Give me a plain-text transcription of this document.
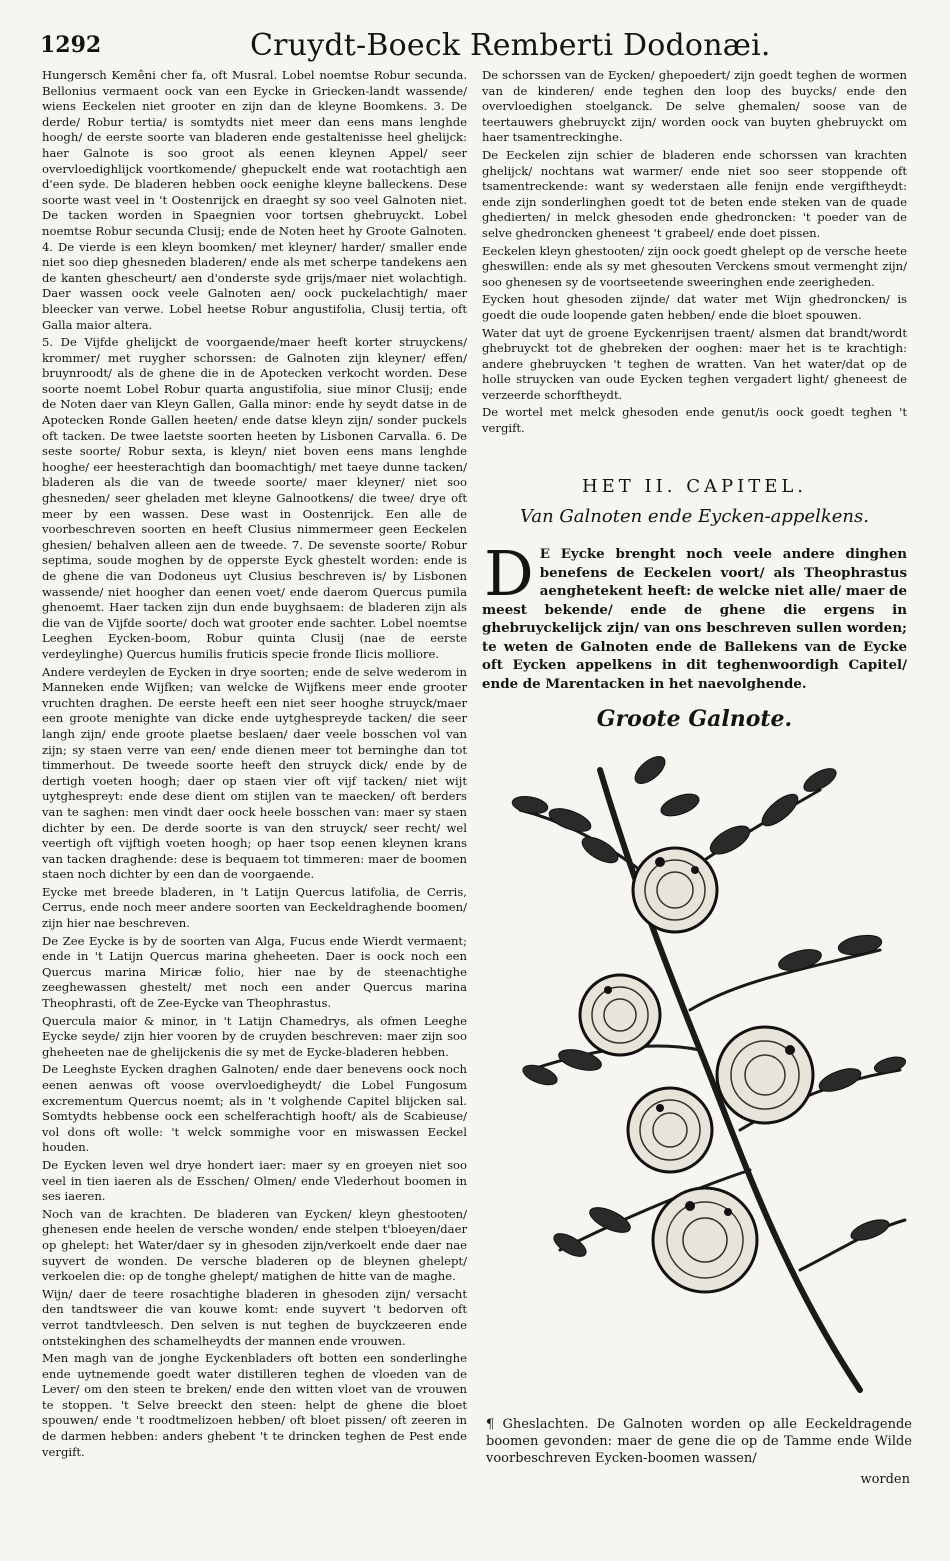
1292	Cruydt-Boeck Remberti Dodonæi.

Hungersch Kemêni cher fa, oft Musral. Lobel noemtse Robur secunda. Bellonius vermaent oock van een Eycke in Griecken-landt wassende/ wiens Eeckelen niet grooter en zijn dan de kleyne Boomkens. 3. De derde/ Robur tertia/ is somtydts niet meer dan eens mans lenghde hoogh/ de eerste soorte van bladeren ende gestaltenisse heel ghelijck: haer Galnote is soo groot als eenen kleynen Appel/ seer overvloedighlijck voortkomende/ ghepuckelt ende wat rootachtigh aen d'een syde. De bladeren hebben oock eenighe kleyne balleckens. Dese soorte wast veel in 't Oostenrijck en draeght sy soo veel Galnoten niet. De tacken worden in Spaegnien voor tortsen ghebruyckt. Lobel noemtse Robur secunda Clusij; ende de Noten heet hy Groote Galnoten. 4. De vierde is een kleyn boomken/ met kleyner/ harder/ smaller ende niet soo diep ghesneden bladeren/ ende als met scherpe tandekens aen de kanten ghescheurt/ aen d'onderste syde grijs/maer niet wolachtigh. Daer wassen oock veele Galnoten aen/ oock puckelachtigh/ maer bleecker van verwe. Lobel heetse Robur angustifolia, Clusij tertia, oft Galla maior altera.

5. De Vijfde ghelijckt de voorgaende/maer heeft korter struyckens/ krommer/ met ruygher schorssen: de Galnoten zijn kleyner/ effen/ bruynroodt/ als de ghene die in de Apotecken verkocht worden. Dese soorte noemt Lobel Robur quarta angustifolia, siue minor Clusij; ende de Noten daer van Kleyn Gallen, Galla minor: ende hy seydt datse in de Apotecken Ronde Gallen heeten/ ende datse kleyn zijn/ sonder puckels oft tacken. De twee laetste soorten heeten by Lisbonen Carvalla. 6. De seste soorte/ Robur sexta, is kleyn/ niet boven eens mans lenghde hooghe/ eer heesterachtigh dan boomachtigh/ met taeye dunne tacken/ bladeren als die van de tweede soorte/ maer kleyner/ niet soo ghesneden/ seer gheladen met kleyne Galnootkens/ die twee/ drye oft meer by een wassen. Dese wast in Oostenrijck. Een alle de voorbeschreven soorten en heeft Clusius nimmermeer geen Eeckelen ghesien/ behalven alleen aen de tweede. 7. De sevenste soorte/ Robur septima, soude moghen by de opperste Eyck ghestelt worden: ende is de ghene die van Dodoneus uyt Clusius beschreven is/ by Lisbonen wassende/ niet hoogher dan eenen voet/ ende daerom Quercus pumila ghenoemt. Haer tacken zijn dun ende buyghsaem: de bladeren zijn als die van de Vijfde soorte/ doch wat grooter ende sachter. Lobel noemtse Leeghen Eycken-boom, Robur quinta Clusij (nae de eerste verdeylinghe) Quercus humilis fruticis specie fronde Ilicis molliore.

Andere verdeylen de Eycken in drye soorten; ende de selve wederom in Manneken ende Wijfken; van welcke de Wijfkens meer ende grooter vruchten draghen. De eerste heeft een niet seer hooghe struyck/maer een groote menighte van dicke ende uytghespreyde tacken/ die seer langh zijn/ ende groote plaetse beslaen/ daer veele bosschen vol van zijn; sy staen verre van een/ ende dienen meer tot berninghe dan tot timmerhout. De tweede soorte heeft den struyck dick/ ende by de dertigh voeten hoogh; daer op staen vier oft vijf tacken/ niet wijt uytghespreyt: ende dese dient om stijlen van te maecken/ oft berders van te saghen: men vindt daer oock heele bosschen van: maer sy staen dichter by een. De derde soorte is van den struyck/ seer recht/ wel veertigh oft vijftigh voeten hoogh; op haer tsop eenen kleynen krans van tacken draghende: dese is bequaem tot timmeren: maer de boomen staen noch dichter by een dan de voorgaende.

Eycke met breede bladeren, in 't Latijn Quercus latifolia, de Cerris, Cerrus, ende noch meer andere soorten van Eeckeldraghende boomen/ zijn hier nae beschreven.

De Zee Eycke is by de soorten van Alga, Fucus ende Wierdt vermaent; ende in 't Latijn Quercus marina gheheeten. Daer is oock noch een Quercus marina Miricæ folio, hier nae by de steenachtighe zeeghewassen ghestelt/ met noch een ander Quercus marina Theophrasti, oft de Zee-Eycke van Theophrastus.

Quercula maior & minor, in 't Latijn Chamedrys, als ofmen Leeghe Eycke seyde/ zijn hier vooren by de cruyden beschreven: maer zijn soo gheheeten nae de ghelijckenis die sy met de Eycke-bladeren hebben.

De Leeghste Eycken draghen Galnoten/ ende daer benevens oock noch eenen aenwas oft voose overvloedigheydt/ die Lobel Fungosum excrementum Quercus noemt; als in 't volghende Capitel blijcken sal. Somtydts hebbense oock een schelferachtigh hooft/ als de Scabieuse/ vol dons oft wolle: 't welck sommighe voor en miswassen Eeckel houden.

De Eycken leven wel drye hondert iaer: maer sy en groeyen niet soo veel in tien iaeren als de Esschen/ Olmen/ ende Vlederhout boomen in ses iaeren.

Noch van de krachten. De bladeren van Eycken/ kleyn ghestooten/ ghenesen ende heelen de versche wonden/ ende stelpen t'bloeyen/daer op ghelept: het Water/daer sy in ghesoden zijn/verkoelt ende daer nae suyvert de wonden. De versche bladeren op de bleynen ghelept/ verkoelen die: op de tonghe ghelept/ matighen de hitte van de maghe.

Wijn/ daer de teere rosachtighe bladeren in ghesoden zijn/ versacht den tandtsweer die van kouwe komt: ende suyvert 't bedorven oft verrot tandtvleesch. Den selven is nut teghen de buyckzeeren ende ontstekinghen des schamelheydts der mannen ende vrouwen.

Men magh van de jonghe Eyckenbladers oft botten een sonderlinghe ende uytnemende goedt water distilleren teghen de vloeden van de Lever/ om den steen te breken/ ende den witten vloet van de vrouwen te stoppen. 't Selve breeckt den steen: helpt de ghene die bloet spouwen/ ende 't roodtmelizoen hebben/ oft bloet pissen/ oft zeeren in de darmen hebben: anders ghebent 't te drincken teghen de Pest ende vergift.

De schorssen van de Eycken/ ghepoedert/ zijn goedt teghen de wormen van de kinderen/ ende teghen den loop des buycks/ ende den overvloedighen stoelganck. De selve ghemalen/ soose van de teertauwers ghebruyckt zijn/ worden oock van buyten ghebruyckt om haer tsamentreckinghe.

De Eeckelen zijn schier de bladeren ende schorssen van krachten ghelijck/ nochtans wat warmer/ ende niet soo seer stoppende oft tsamentreckende: want sy wederstaen alle fenijn ende vergiftheydt: ende zijn sonderlinghen goedt tot de beten ende steken van de quade ghedierten/ in melck ghesoden ende ghedroncken: 't poeder van de selve ghedroncken gheneest 't grabeel/ ende doet pissen.

Eeckelen kleyn ghestooten/ zijn oock goedt ghelept op de versche heete gheswillen: ende als sy met ghesouten Verckens smout vermenght zijn/ soo ghenesen sy de voortseetende sweeringhen ende zeerigheden.

Eycken hout ghesoden zijnde/ dat water met Wijn ghedroncken/ is goedt die oude loopende gaten hebben/ ende die bloet spouwen.

Water dat uyt de groene Eyckenrijsen traent/ alsmen dat brandt/wordt ghebruyckt tot de ghebreken der ooghen: maer het is te krachtigh: andere ghebruycken 't teghen de wratten. Van het water/dat op de holle struycken van oude Eycken teghen vergadert light/ gheneest de verzeerde schorftheydt.

De wortel met melck ghesoden ende genut/is oock goedt teghen 't vergift.

HET II. CAPITEL.
Van Galnoten ende Eycken-appelkens.
D E Eycke brenght noch veele andere dinghen benefens de Eeckelen voort/ als Theophrastus aenghetekent heeft: de welcke niet alle/ maer de meest bekende/ ende de ghene die ergens in ghebruyckelijck zijn/ van ons beschreven sullen worden; te weten de Galnoten ende de Ballekens van de Eycke oft Eycken appelkens in dit teghenwoordigh Capitel/ ende de Marentacken in het naevolghende.
Groote Galnote.
¶ Gheslachten. De Galnoten worden op alle Eeckeldragende boomen gevonden: maer de gene die op de Tamme ende Wilde voorbeschreven Eycken-boomen wassen/
worden
